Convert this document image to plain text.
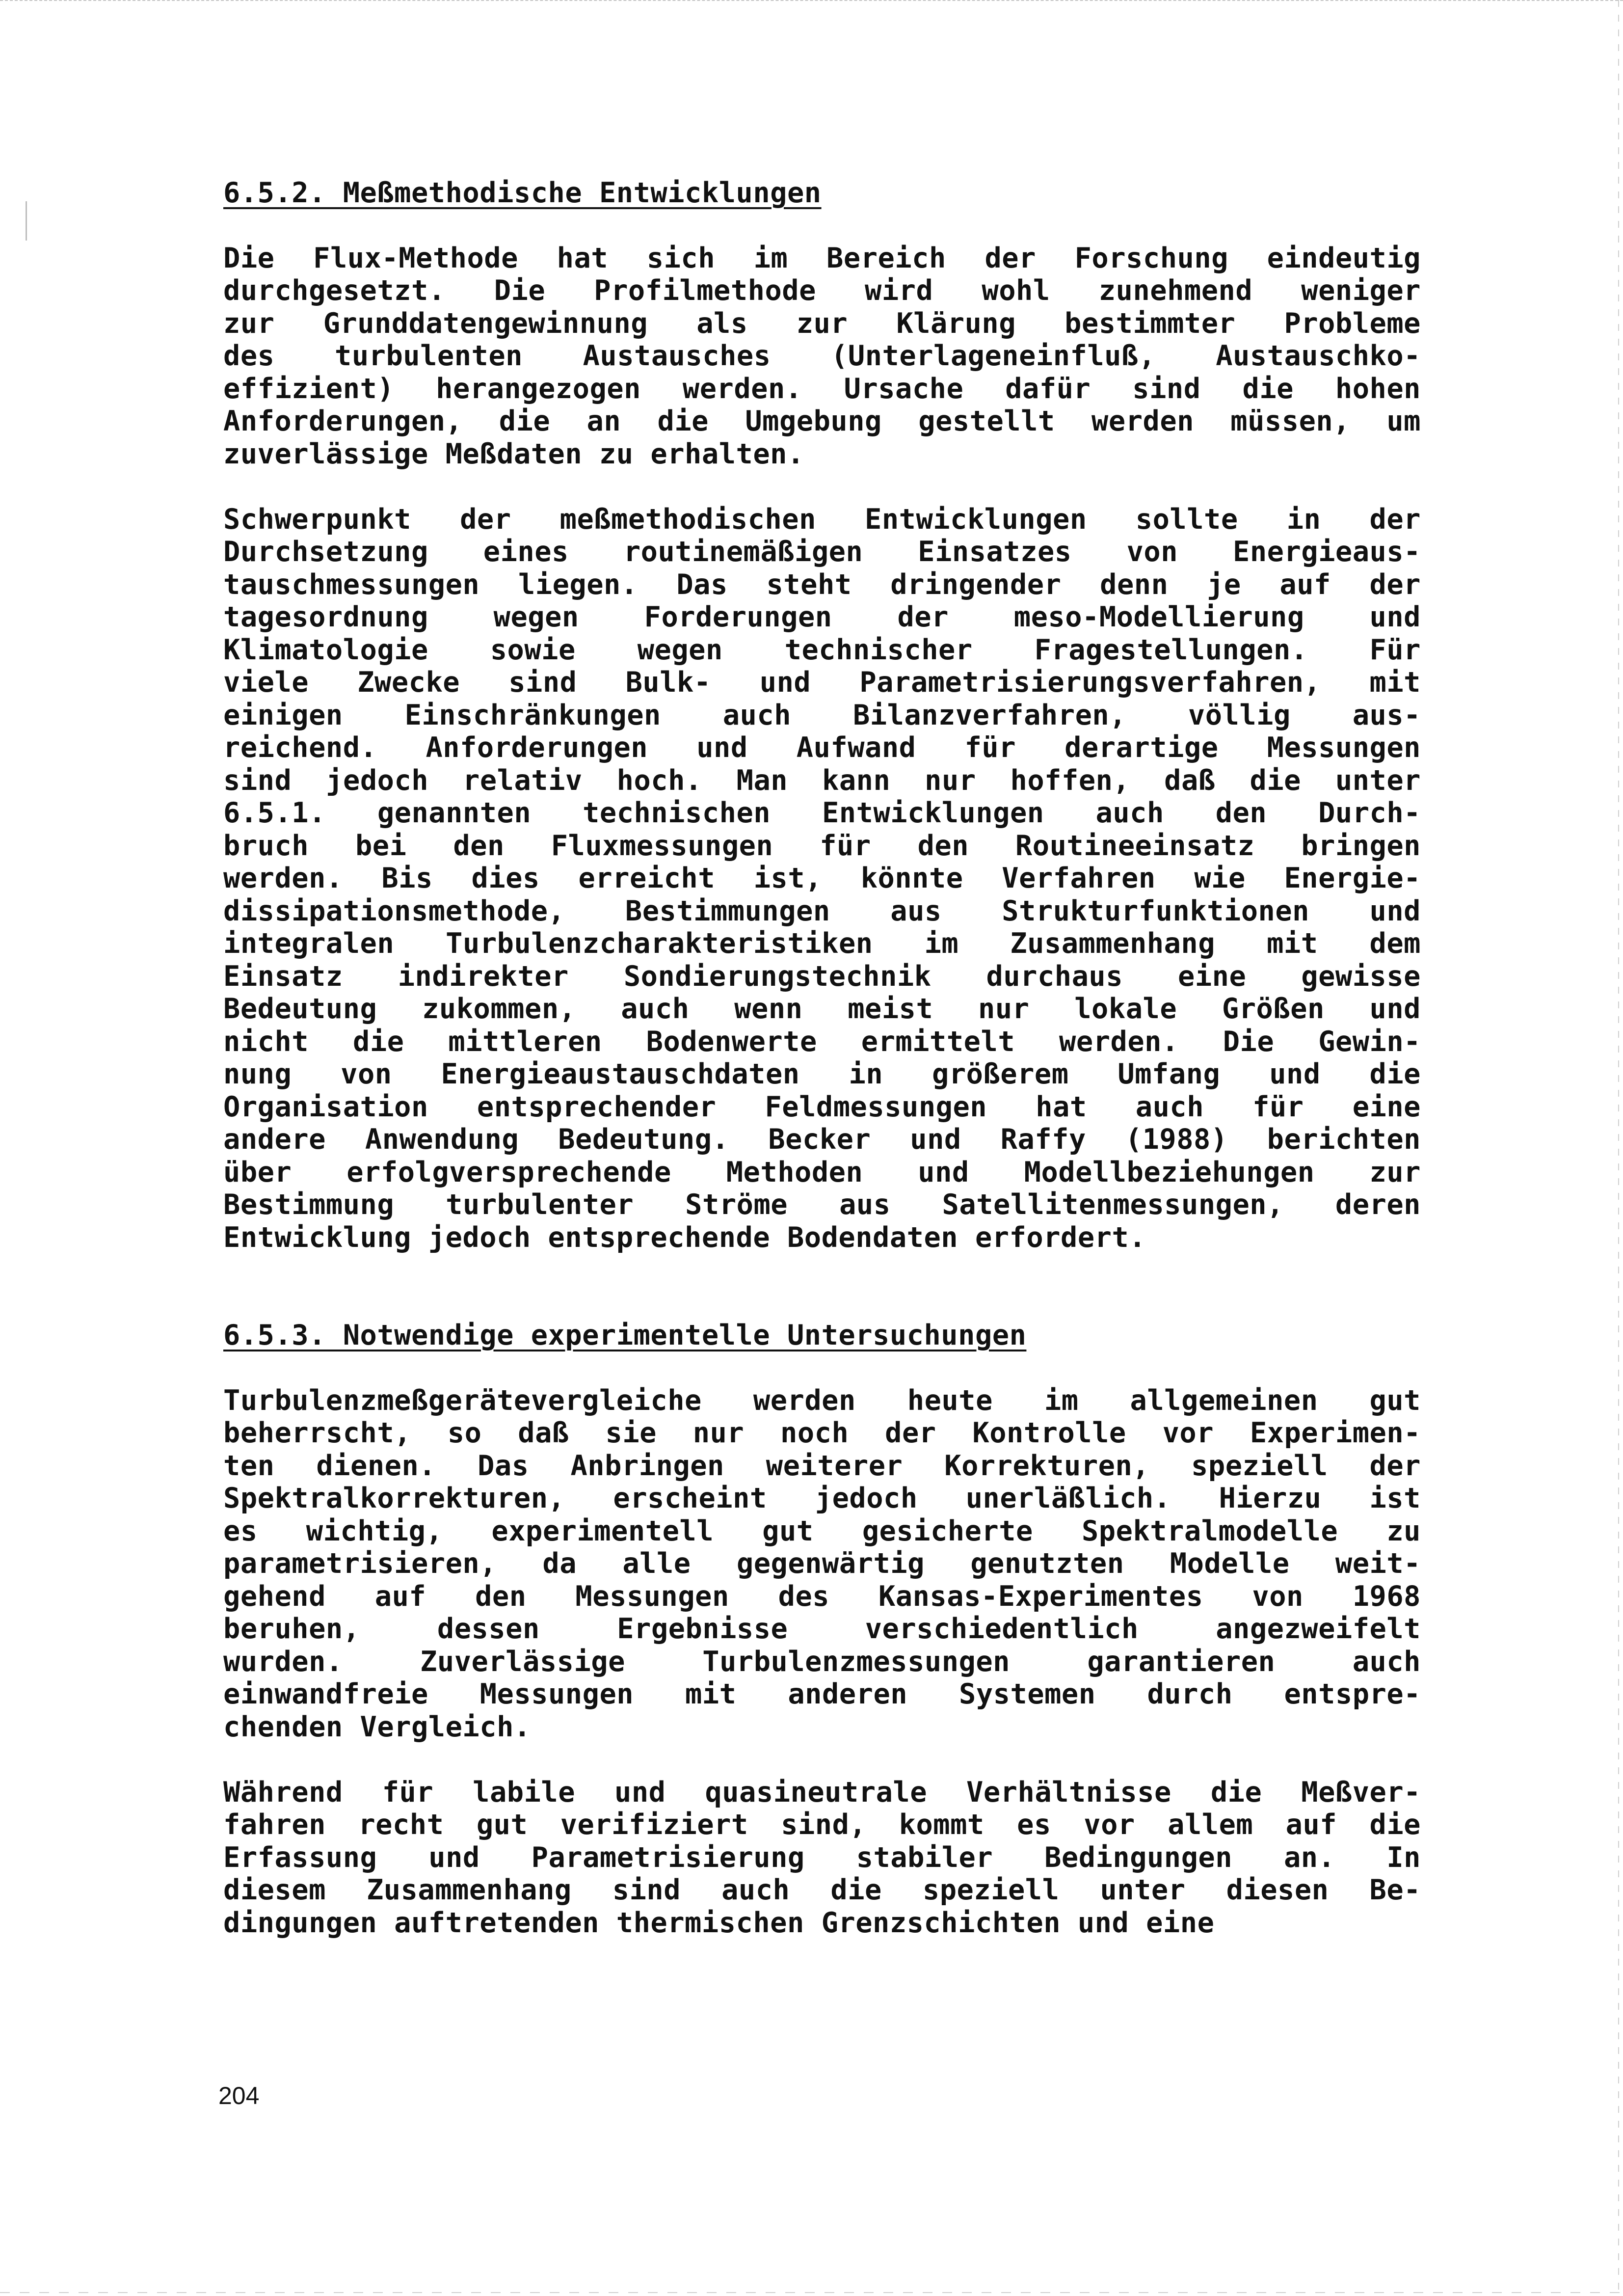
6.5.2. Meßmethodische Entwicklungen
Die Flux-Methode hat sich im Bereich der Forschung eindeutig
durchgesetzt. Die Profilmethode wird wohl zunehmend weniger
zur Grunddatengewinnung als zur Klärung bestimmter Probleme
des turbulenten Austausches (Unterlageneinfluß, Austauschko-
effizient) herangezogen werden. Ursache dafür sind die hohen
Anforderungen, die an die Umgebung gestellt werden müssen, um
zuverlässige Meßdaten zu erhalten.
Schwerpunkt der meßmethodischen Entwicklungen sollte in der
Durchsetzung eines routinemäßigen Einsatzes von Energieaus-
tauschmessungen liegen. Das steht dringender denn je auf der
tagesordnung wegen Forderungen der meso-Modellierung und
Klimatologie sowie wegen technischer Fragestellungen. Für
viele Zwecke sind Bulk- und Parametrisierungsverfahren, mit
einigen Einschränkungen auch Bilanzverfahren, völlig aus-
reichend. Anforderungen und Aufwand für derartige Messungen
sind jedoch relativ hoch. Man kann nur hoffen, daß die unter
6.5.1. genannten technischen Entwicklungen auch den Durch-
bruch bei den Fluxmessungen für den Routineeinsatz bringen
werden. Bis dies erreicht ist, könnte Verfahren wie Energie-
dissipationsmethode, Bestimmungen aus Strukturfunktionen und
integralen Turbulenzcharakteristiken im Zusammenhang mit dem
Einsatz indirekter Sondierungstechnik durchaus eine gewisse
Bedeutung zukommen, auch wenn meist nur lokale Größen und
nicht die mittleren Bodenwerte ermittelt werden. Die Gewin-
nung von Energieaustauschdaten in größerem Umfang und die
Organisation entsprechender Feldmessungen hat auch für eine
andere Anwendung Bedeutung. Becker und Raffy (1988) berichten
über erfolgversprechende Methoden und Modellbeziehungen zur
Bestimmung turbulenter Ströme aus Satellitenmessungen, deren
Entwicklung jedoch entsprechende Bodendaten erfordert.
6.5.3. Notwendige experimentelle Untersuchungen
Turbulenzmeßgerätevergleiche werden heute im allgemeinen gut
beherrscht, so daß sie nur noch der Kontrolle vor Experimen-
ten dienen. Das Anbringen weiterer Korrekturen, speziell der
Spektralkorrekturen, erscheint jedoch unerläßlich. Hierzu ist
es wichtig, experimentell gut gesicherte Spektralmodelle zu
parametrisieren, da alle gegenwärtig genutzten Modelle weit-
gehend auf den Messungen des Kansas-Experimentes von 1968
beruhen, dessen Ergebnisse verschiedentlich angezweifelt
wurden. Zuverlässige Turbulenzmessungen garantieren auch
einwandfreie Messungen mit anderen Systemen durch entspre-
chenden Vergleich.
Während für labile und quasineutrale Verhältnisse die Meßver-
fahren recht gut verifiziert sind, kommt es vor allem auf die
Erfassung und Parametrisierung stabiler Bedingungen an. In
diesem Zusammenhang sind auch die speziell unter diesen Be-
dingungen auftretenden thermischen Grenzschichten und eine
204
